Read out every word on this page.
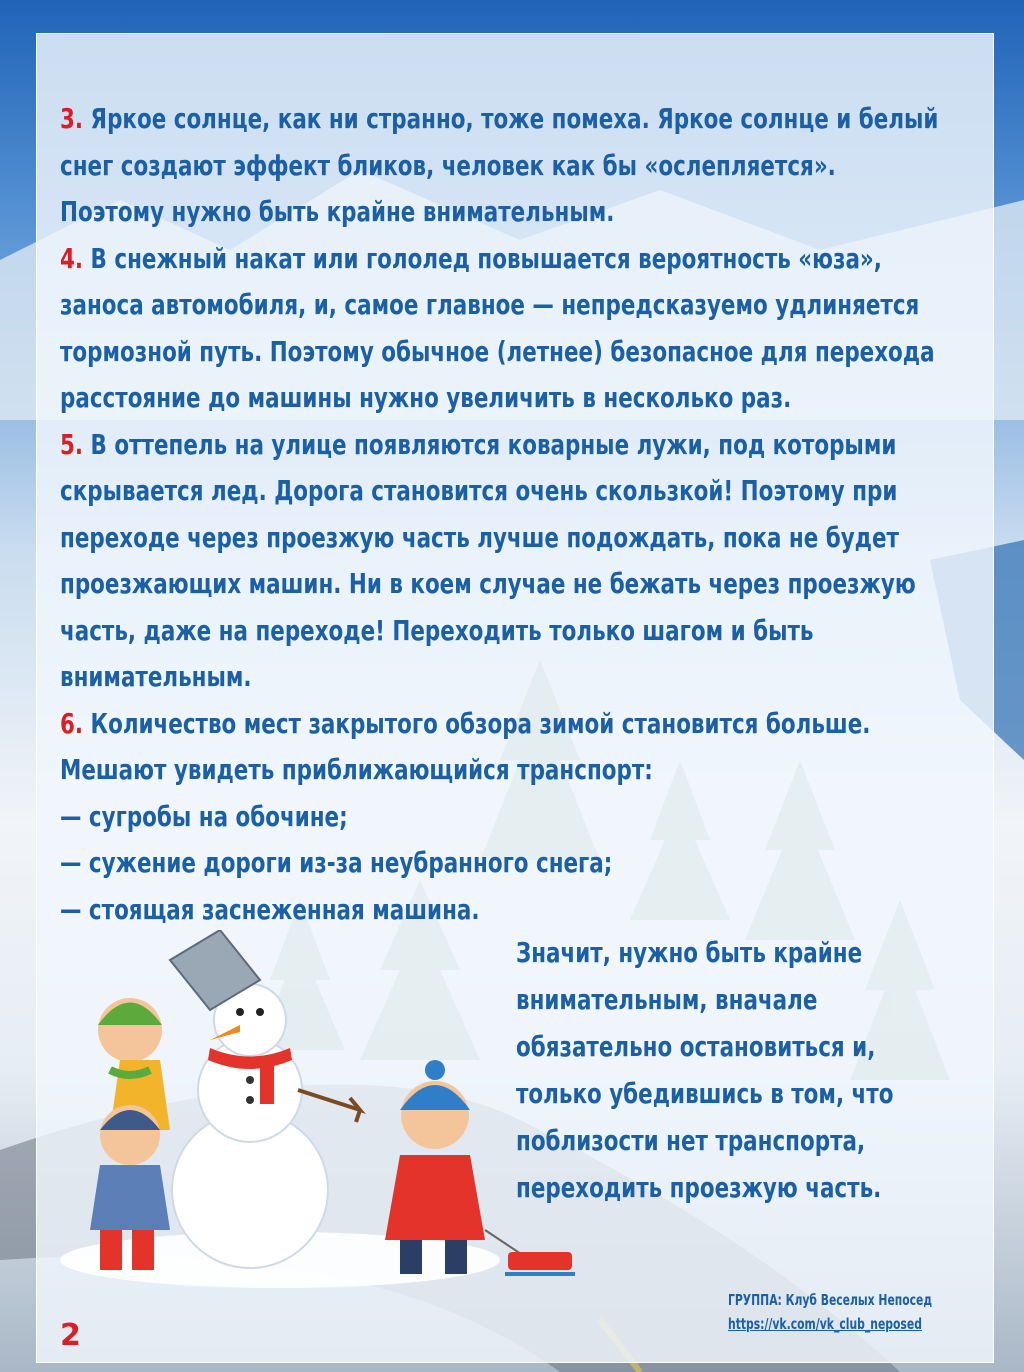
3. Яркое солнце, как ни странно, тоже помеха. Яркое солнце и белый
снег создают эффект бликов, человек как бы «ослепляется».
Поэтому нужно быть крайне внимательным.

4. В снежный накат или гололед повышается вероятность «юза»,
заноса автомобиля, и, самое главное — непредсказуемо удлиняется
тормозной путь. Поэтому обычное (летнее) безопасное для перехода
расстояние до машины нужно увеличить в несколько раз.

5. В оттепель на улице появляются коварные лужи, под которыми
скрывается лед. Дорога становится очень скользкой! Поэтому при
переходе через проезжую часть лучше подождать, пока не будет
проезжающих машин. Ни в коем случае не бежать через проезжую
часть, даже на переходе! Переходить только шагом и быть
внимательным.

6. Количество мест закрытого обзора зимой становится больше.
Мешают увидеть приближающийся транспорт:
— сугробы на обочине;
— сужение дороги из-за неубранного снега;
— стоящая заснеженная машина.

Значит, нужно быть крайне
внимательным, вначале
обязательно остановиться и,
только убедившись в том, что
поблизости нет транспорта,
переходить проезжую часть.
ГРУППА: Клуб Веселых Непосед
https://vk.com/vk_club_neposed
2
